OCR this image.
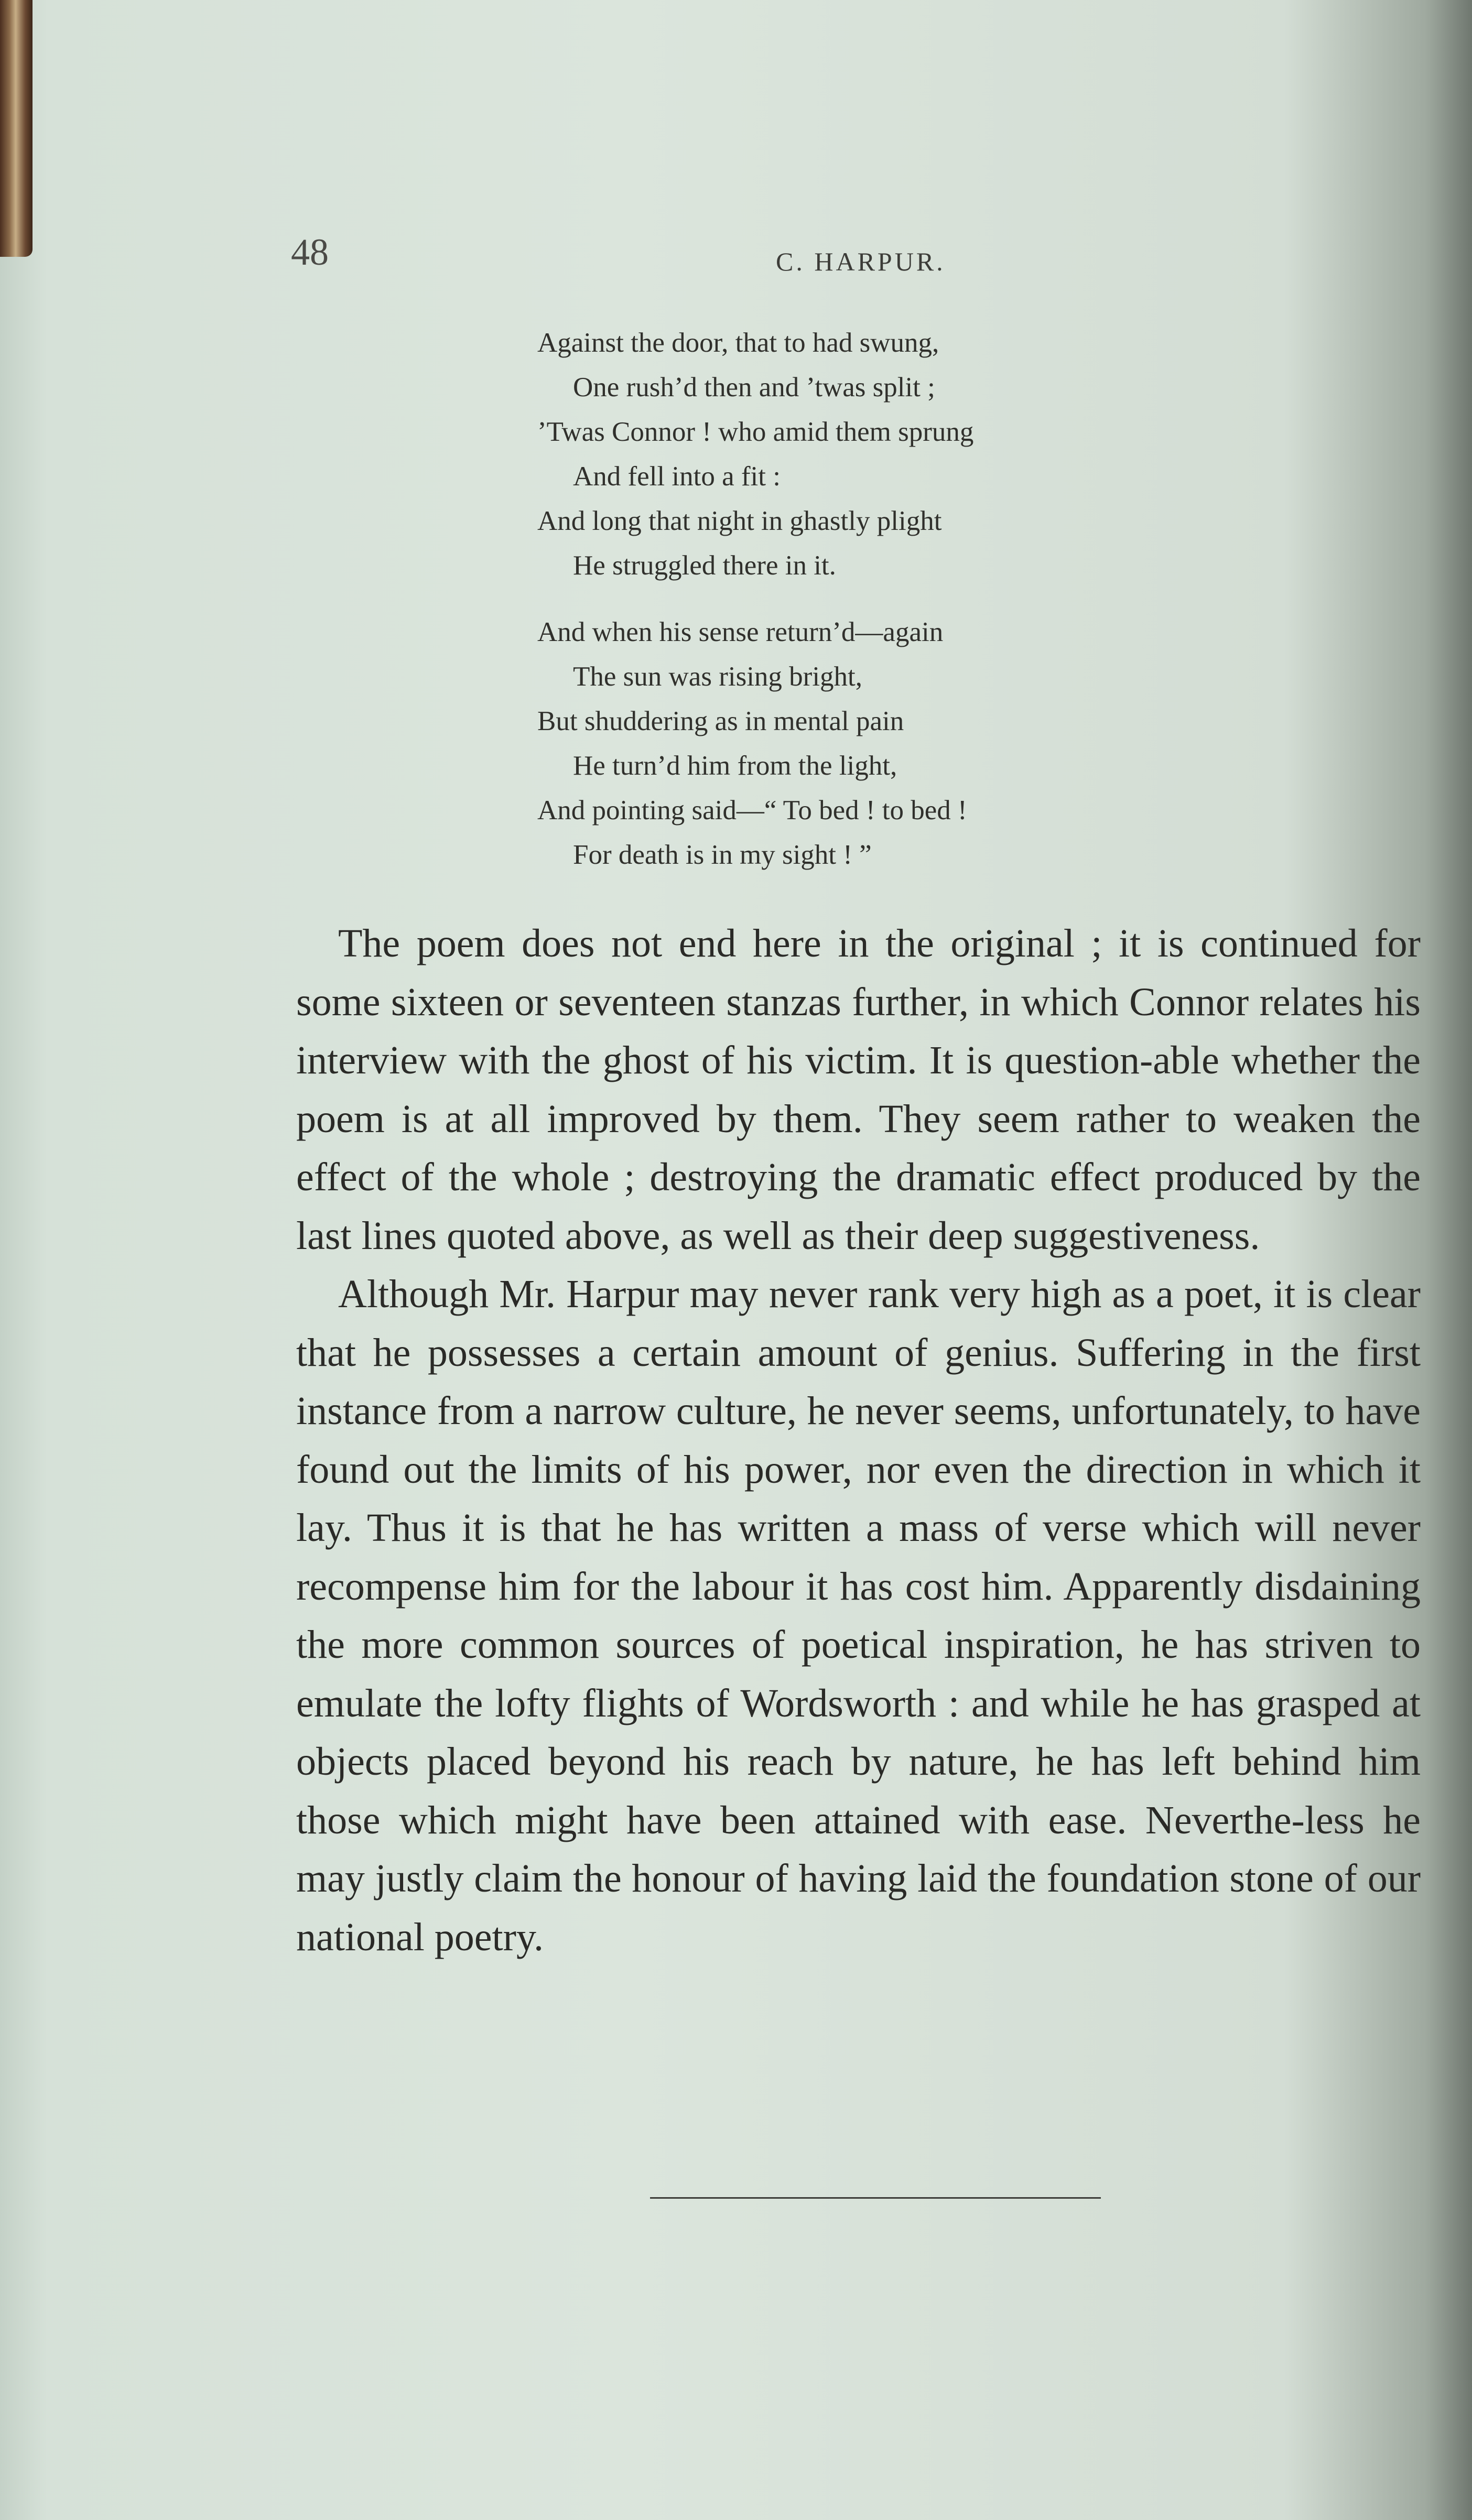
48	C. HARPUR.
Against the door, that to had swung,
One rush’d then and ’twas split ;
’Twas Connor ! who amid them sprung
And fell into a fit :
And long that night in ghastly plight
He struggled there in it.
And when his sense return’d—again
The sun was rising bright,
But shuddering as in mental pain
He turn’d him from the light,
And pointing said—“ To bed ! to bed !
For death is in my sight ! ”

The poem does not end here in the original ; it is continued for some sixteen or seventeen stanzas further, in which Connor relates his interview with the ghost of his victim. It is question-able whether the poem is at all improved by them. They seem rather to weaken the effect of the whole ; destroying the dramatic effect produced by the last lines quoted above, as well as their deep suggestiveness.

Although Mr. Harpur may never rank very high as a poet, it is clear that he possesses a certain amount of genius. Suffering in the first instance from a narrow culture, he never seems, unfortunately, to have found out the limits of his power, nor even the direction in which it lay. Thus it is that he has written a mass of verse which will never recompense him for the labour it has cost him. Apparently disdaining the more common sources of poetical inspiration, he has striven to emulate the lofty flights of Wordsworth : and while he has grasped at objects placed beyond his reach by nature, he has left behind him those which might have been attained with ease. Neverthe-less he may justly claim the honour of having laid the foundation stone of our national poetry.
